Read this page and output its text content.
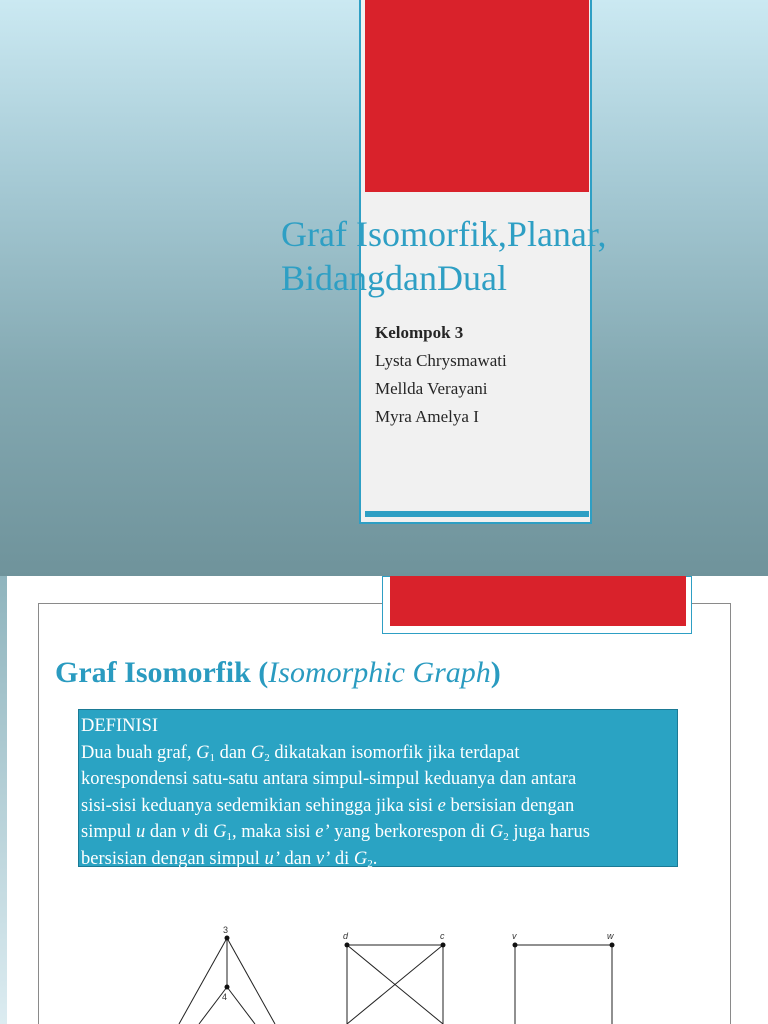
Graf Isomorfik,Planar,
BidangdanDual
Kelompok 3
Lysta Chrysmawati
Mellda Verayani
Myra Amelya I
Graf Isomorfik (Isomorphic Graph)
DEFINISI
Dua buah graf, $G_1$ dan $G_2$ dikatakan isomorfik jika terdapat
korespondensi satu-satu antara simpul-simpul keduanya dan antara
sisi-sisi keduanya sedemikian sehingga jika sisi e bersisian dengan
simpul u dan v di $G_1$, maka sisi e’ yang berkorespon di $G_2$ juga harus
bersisian dengan simpul u’ dan v’ di $G_2$.
3
4
d	c	v	w
